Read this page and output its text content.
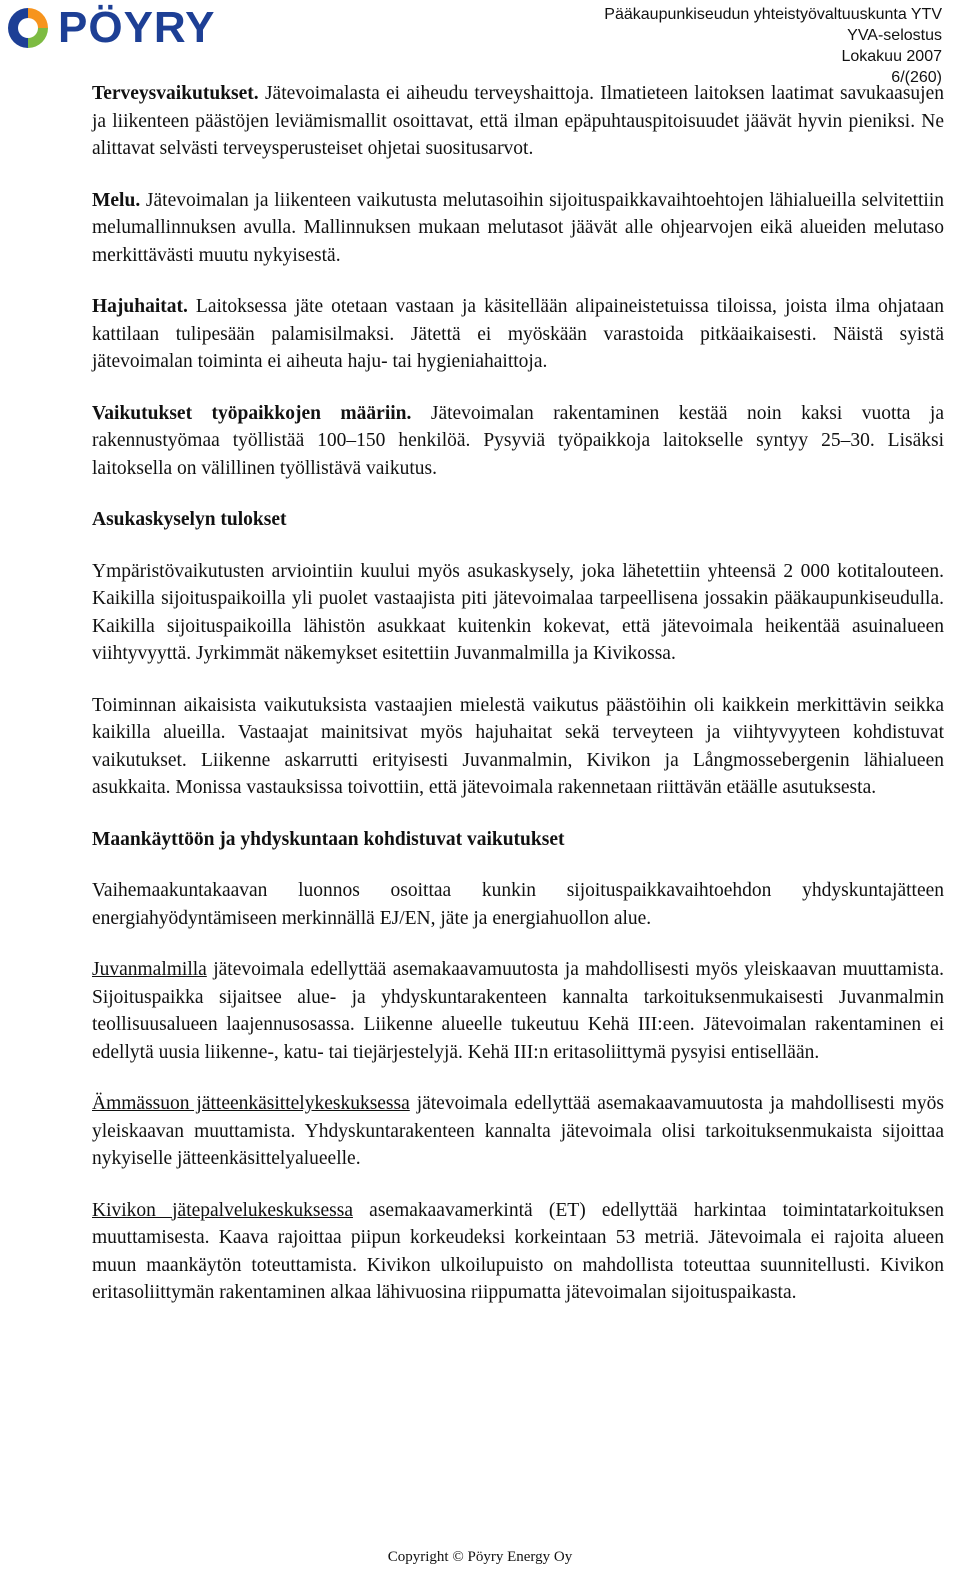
PÖYRY	Pääkaupunkiseudun yhteistyövaltuuskunta YTV
YVA-selostus
Lokakuu 2007
6/(260)

Terveysvaikutukset. Jätevoimalasta ei aiheudu terveyshaittoja. Ilmatieteen laitoksen laatimat savukaasujen ja liikenteen päästöjen leviämismallit osoittavat, että ilman epäpuhtauspitoisuudet jäävät hyvin pieniksi. Ne alittavat selvästi terveysperusteiset ohjetai suositusarvot.

Melu. Jätevoimalan ja liikenteen vaikutusta melutasoihin sijoituspaikkavaihtoehtojen lähialueilla selvitettiin melumallinnuksen avulla. Mallinnuksen mukaan melutasot jäävät alle ohjearvojen eikä alueiden melutaso merkittävästi muutu nykyisestä.

Hajuhaitat. Laitoksessa jäte otetaan vastaan ja käsitellään alipaineistetuissa tiloissa, joista ilma ohjataan kattilaan tulipesään palamisilmaksi. Jätettä ei myöskään varastoida pitkäaikaisesti. Näistä syistä jätevoimalan toiminta ei aiheuta haju- tai hygieniahaittoja.

Vaikutukset työpaikkojen määriin. Jätevoimalan rakentaminen kestää noin kaksi vuotta ja rakennustyömaa työllistää 100–150 henkilöä. Pysyviä työpaikkoja laitokselle syntyy 25–30. Lisäksi laitoksella on välillinen työllistävä vaikutus.

Asukaskyselyn tulokset

Ympäristövaikutusten arviointiin kuului myös asukaskysely, joka lähetettiin yhteensä 2 000 kotitalouteen. Kaikilla sijoituspaikoilla yli puolet vastaajista piti jätevoimalaa tarpeellisena jossakin pääkaupunkiseudulla. Kaikilla sijoituspaikoilla lähistön asukkaat kuitenkin kokevat, että jätevoimala heikentää asuinalueen viihtyvyyttä. Jyrkimmät näkemykset esitettiin Juvanmalmilla ja Kivikossa.

Toiminnan aikaisista vaikutuksista vastaajien mielestä vaikutus päästöihin oli kaikkein merkittävin seikka kaikilla alueilla. Vastaajat mainitsivat myös hajuhaitat sekä terveyteen ja viihtyvyyteen kohdistuvat vaikutukset. Liikenne askarrutti erityisesti Juvanmalmin, Kivikon ja Långmossebergenin lähialueen asukkaita. Monissa vastauksissa toivottiin, että jätevoimala rakennetaan riittävän etäälle asutuksesta.

Maankäyttöön ja yhdyskuntaan kohdistuvat vaikutukset

Vaihemaakuntakaavan luonnos osoittaa kunkin sijoituspaikkavaihtoehdon yhdyskuntajätteen energiahyödyntämiseen merkinnällä EJ/EN, jäte ja energiahuollon alue.

Juvanmalmilla jätevoimala edellyttää asemakaavamuutosta ja mahdollisesti myös yleiskaavan muuttamista. Sijoituspaikka sijaitsee alue- ja yhdyskuntarakenteen kannalta tarkoituksenmukaisesti Juvanmalmin teollisuusalueen laajennusosassa. Liikenne alueelle tukeutuu Kehä III:een. Jätevoimalan rakentaminen ei edellytä uusia liikenne-, katu- tai tiejärjestelyjä. Kehä III:n eritasoliittymä pysyisi entisellään.

Ämmässuon jätteenkäsittelykeskuksessa jätevoimala edellyttää asemakaavamuutosta ja mahdollisesti myös yleiskaavan muuttamista. Yhdyskuntarakenteen kannalta jätevoimala olisi tarkoituksenmukaista sijoittaa nykyiselle jätteenkäsittelyalueelle.

Kivikon jätepalvelukeskuksessa asemakaavamerkintä (ET) edellyttää harkintaa toimintatarkoituksen muuttamisesta. Kaava rajoittaa piipun korkeudeksi korkeintaan 53 metriä. Jätevoimala ei rajoita alueen muun maankäytön toteuttamista. Kivikon ulkoilupuisto on mahdollista toteuttaa suunnitellusti. Kivikon eritasoliittymän rakentaminen alkaa lähivuosina riippumatta jätevoimalan sijoituspaikasta.

Copyright © Pöyry Energy Oy
